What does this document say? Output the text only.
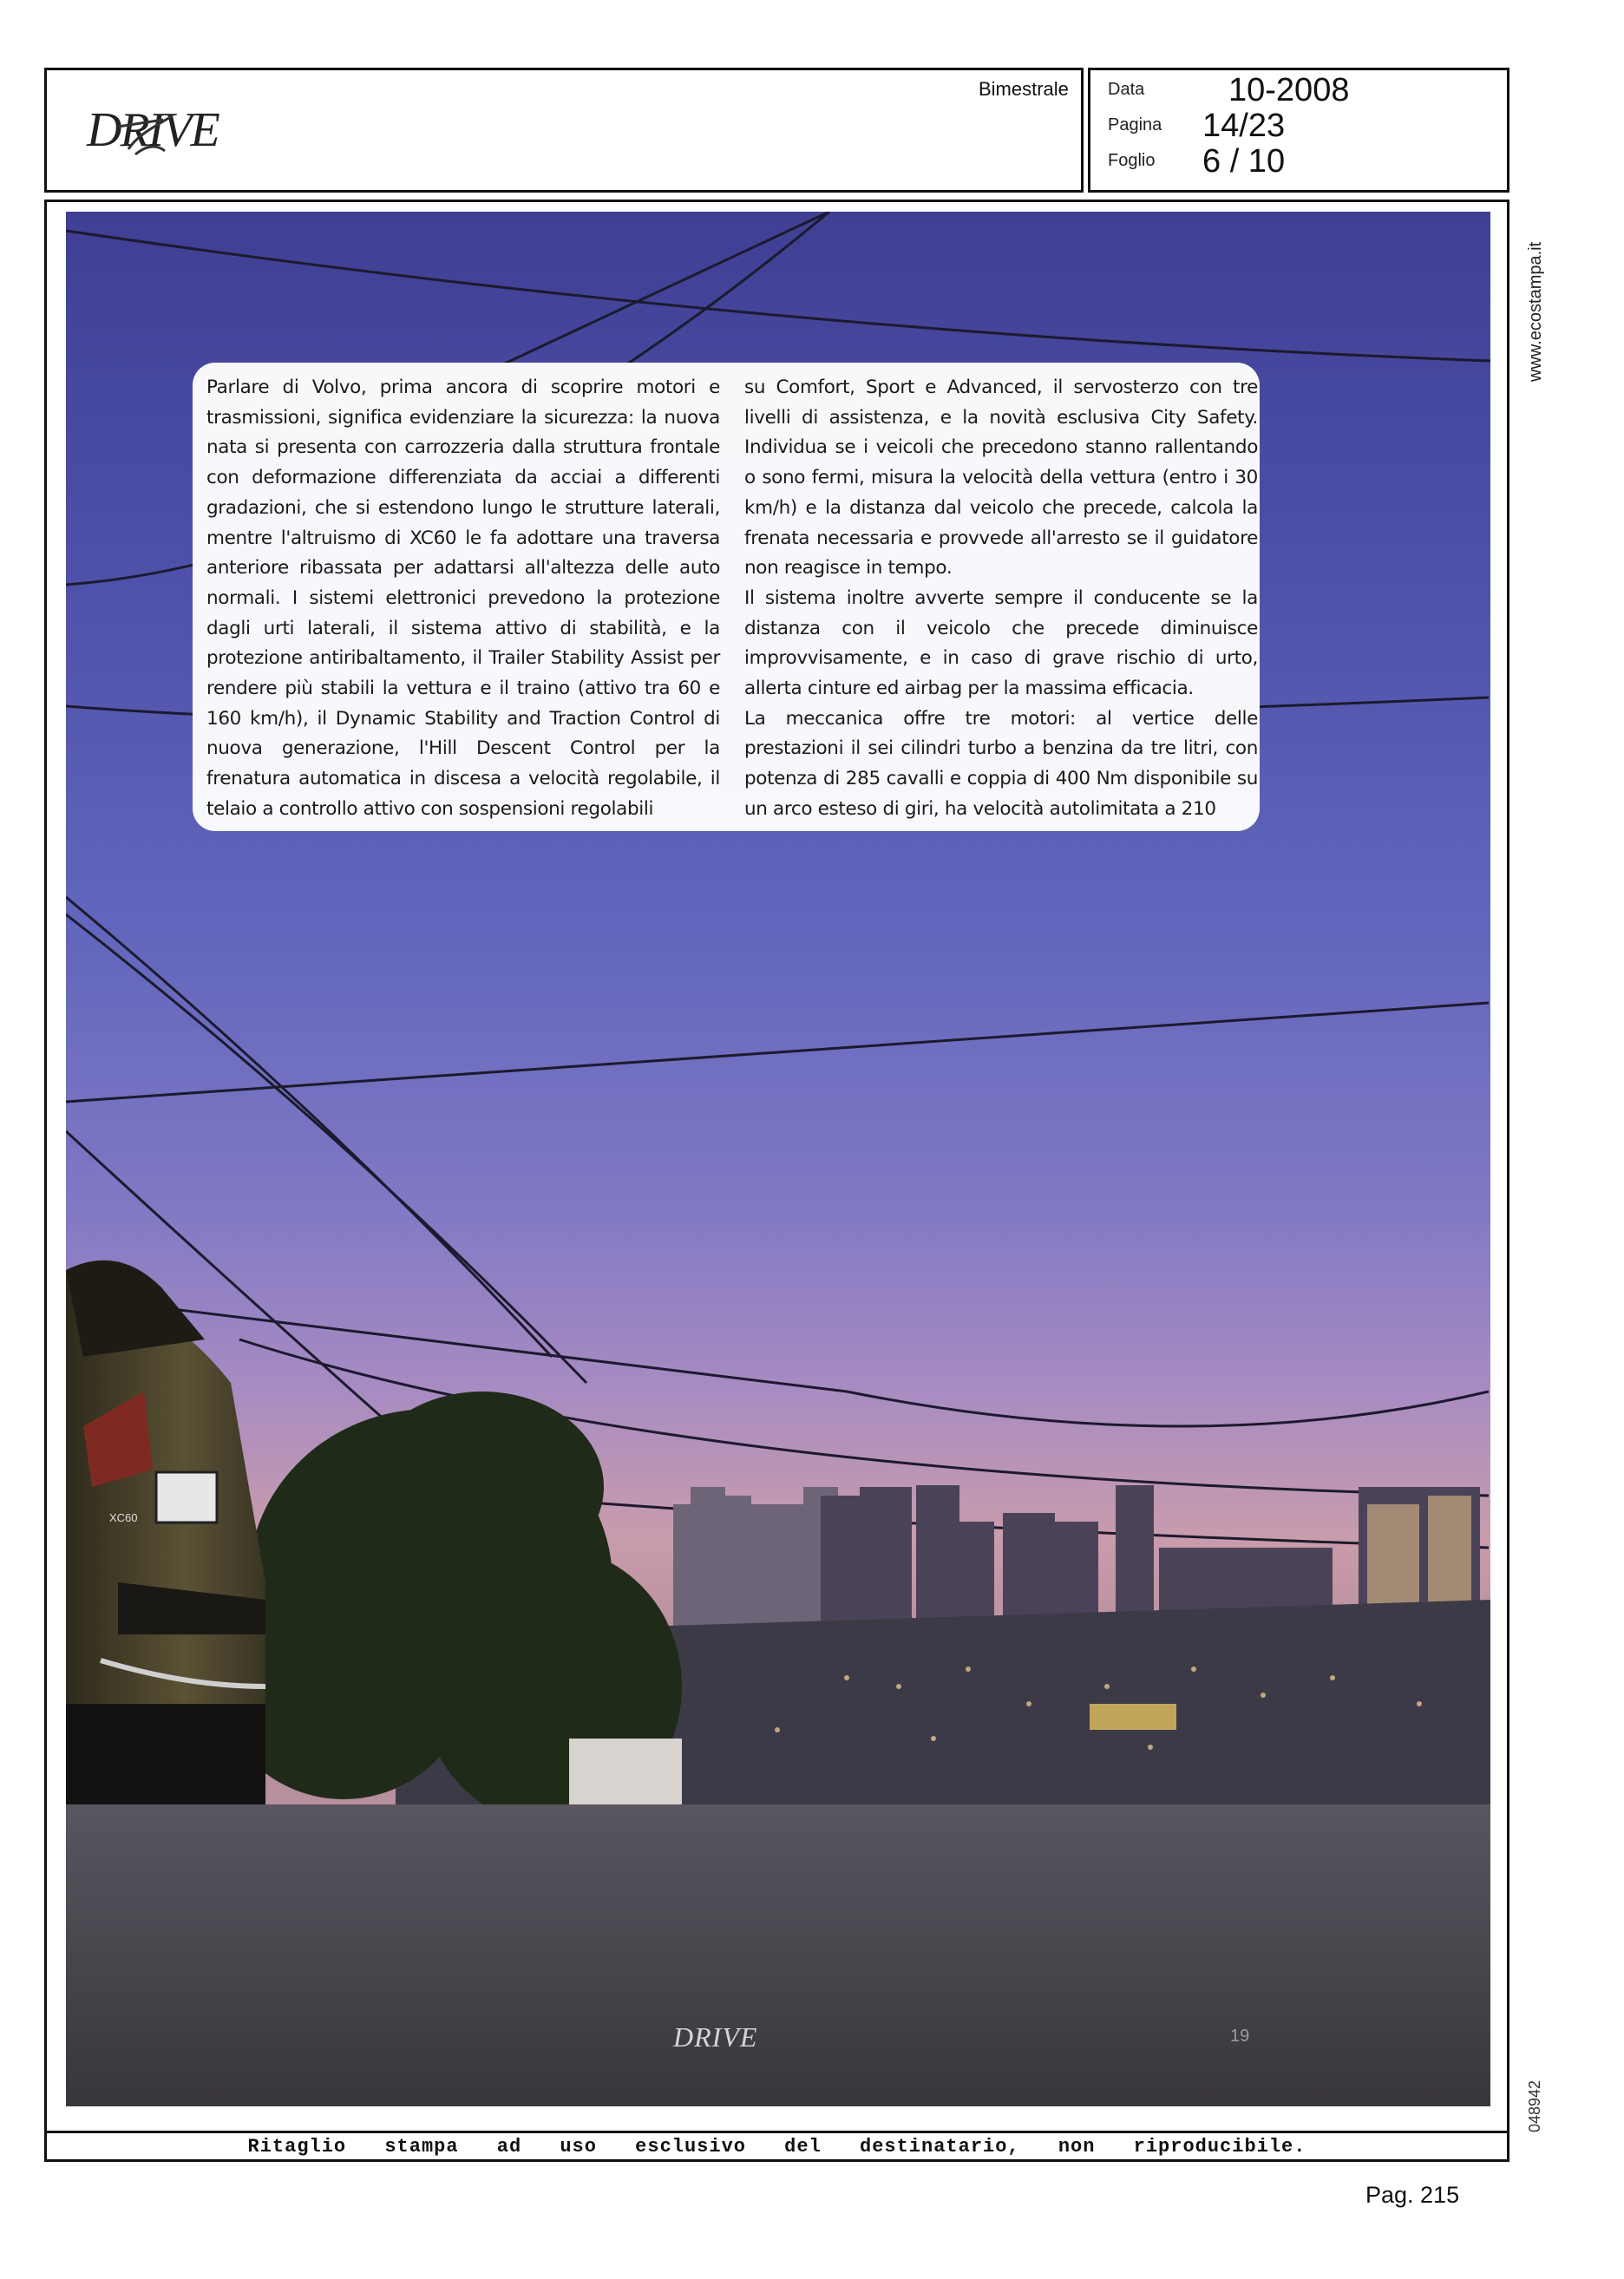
DRIVE
Bimestrale Data	10-2008
Pagina 14/23
Foglio 6 / 10
XC60

Parlare di Volvo, prima ancora di scoprire motori e trasmissioni, significa evidenziare la sicurezza: la nuova nata si presenta con carrozzeria dalla struttura frontale con deformazione differenziata da acciai a differenti gradazioni, che si estendono lungo le strutture laterali, mentre l'altruismo di XC60 le fa adottare una traversa anteriore ribassata per adattarsi all'altezza delle auto normali. I sistemi elettronici prevedono la protezione dagli urti laterali, il sistema attivo di stabilità, e la protezione antiribaltamento, il Trailer Stability Assist per rendere più stabili la vettura e il traino (attivo tra 60 e 160 km/h), il Dynamic Stability and Traction Control di nuova generazione, l'Hill Descent Control per la frenatura automatica in discesa a velocità regolabile, il telaio a controllo attivo con sospensioni regolabili

su Comfort, Sport e Advanced, il servosterzo con tre livelli di assistenza, e la novità esclusiva City Safety. Individua se i veicoli che precedono stanno rallentando o sono fermi, misura la velocità della vettura (entro i 30 km/h) e la distanza dal veicolo che precede, calcola la frenata necessaria e provvede all'arresto se il guidatore non reagisce in tempo.

Il sistema inoltre avverte sempre il conducente se la distanza con il veicolo che precede diminuisce improvvisamente, e in caso di grave rischio di urto, allerta cinture ed airbag per la massima efficacia.

La meccanica offre tre motori: al vertice delle prestazioni il sei cilindri turbo a benzina da tre litri, con potenza di 285 cavalli e coppia di 400 Nm disponibile su un arco esteso di giri, ha velocità autolimitata a 210

DRIVE	19
www.ecostampa.it
048942
Ritaglio stampa ad uso esclusivo del destinatario, non riproducibile.
Pag. 215
